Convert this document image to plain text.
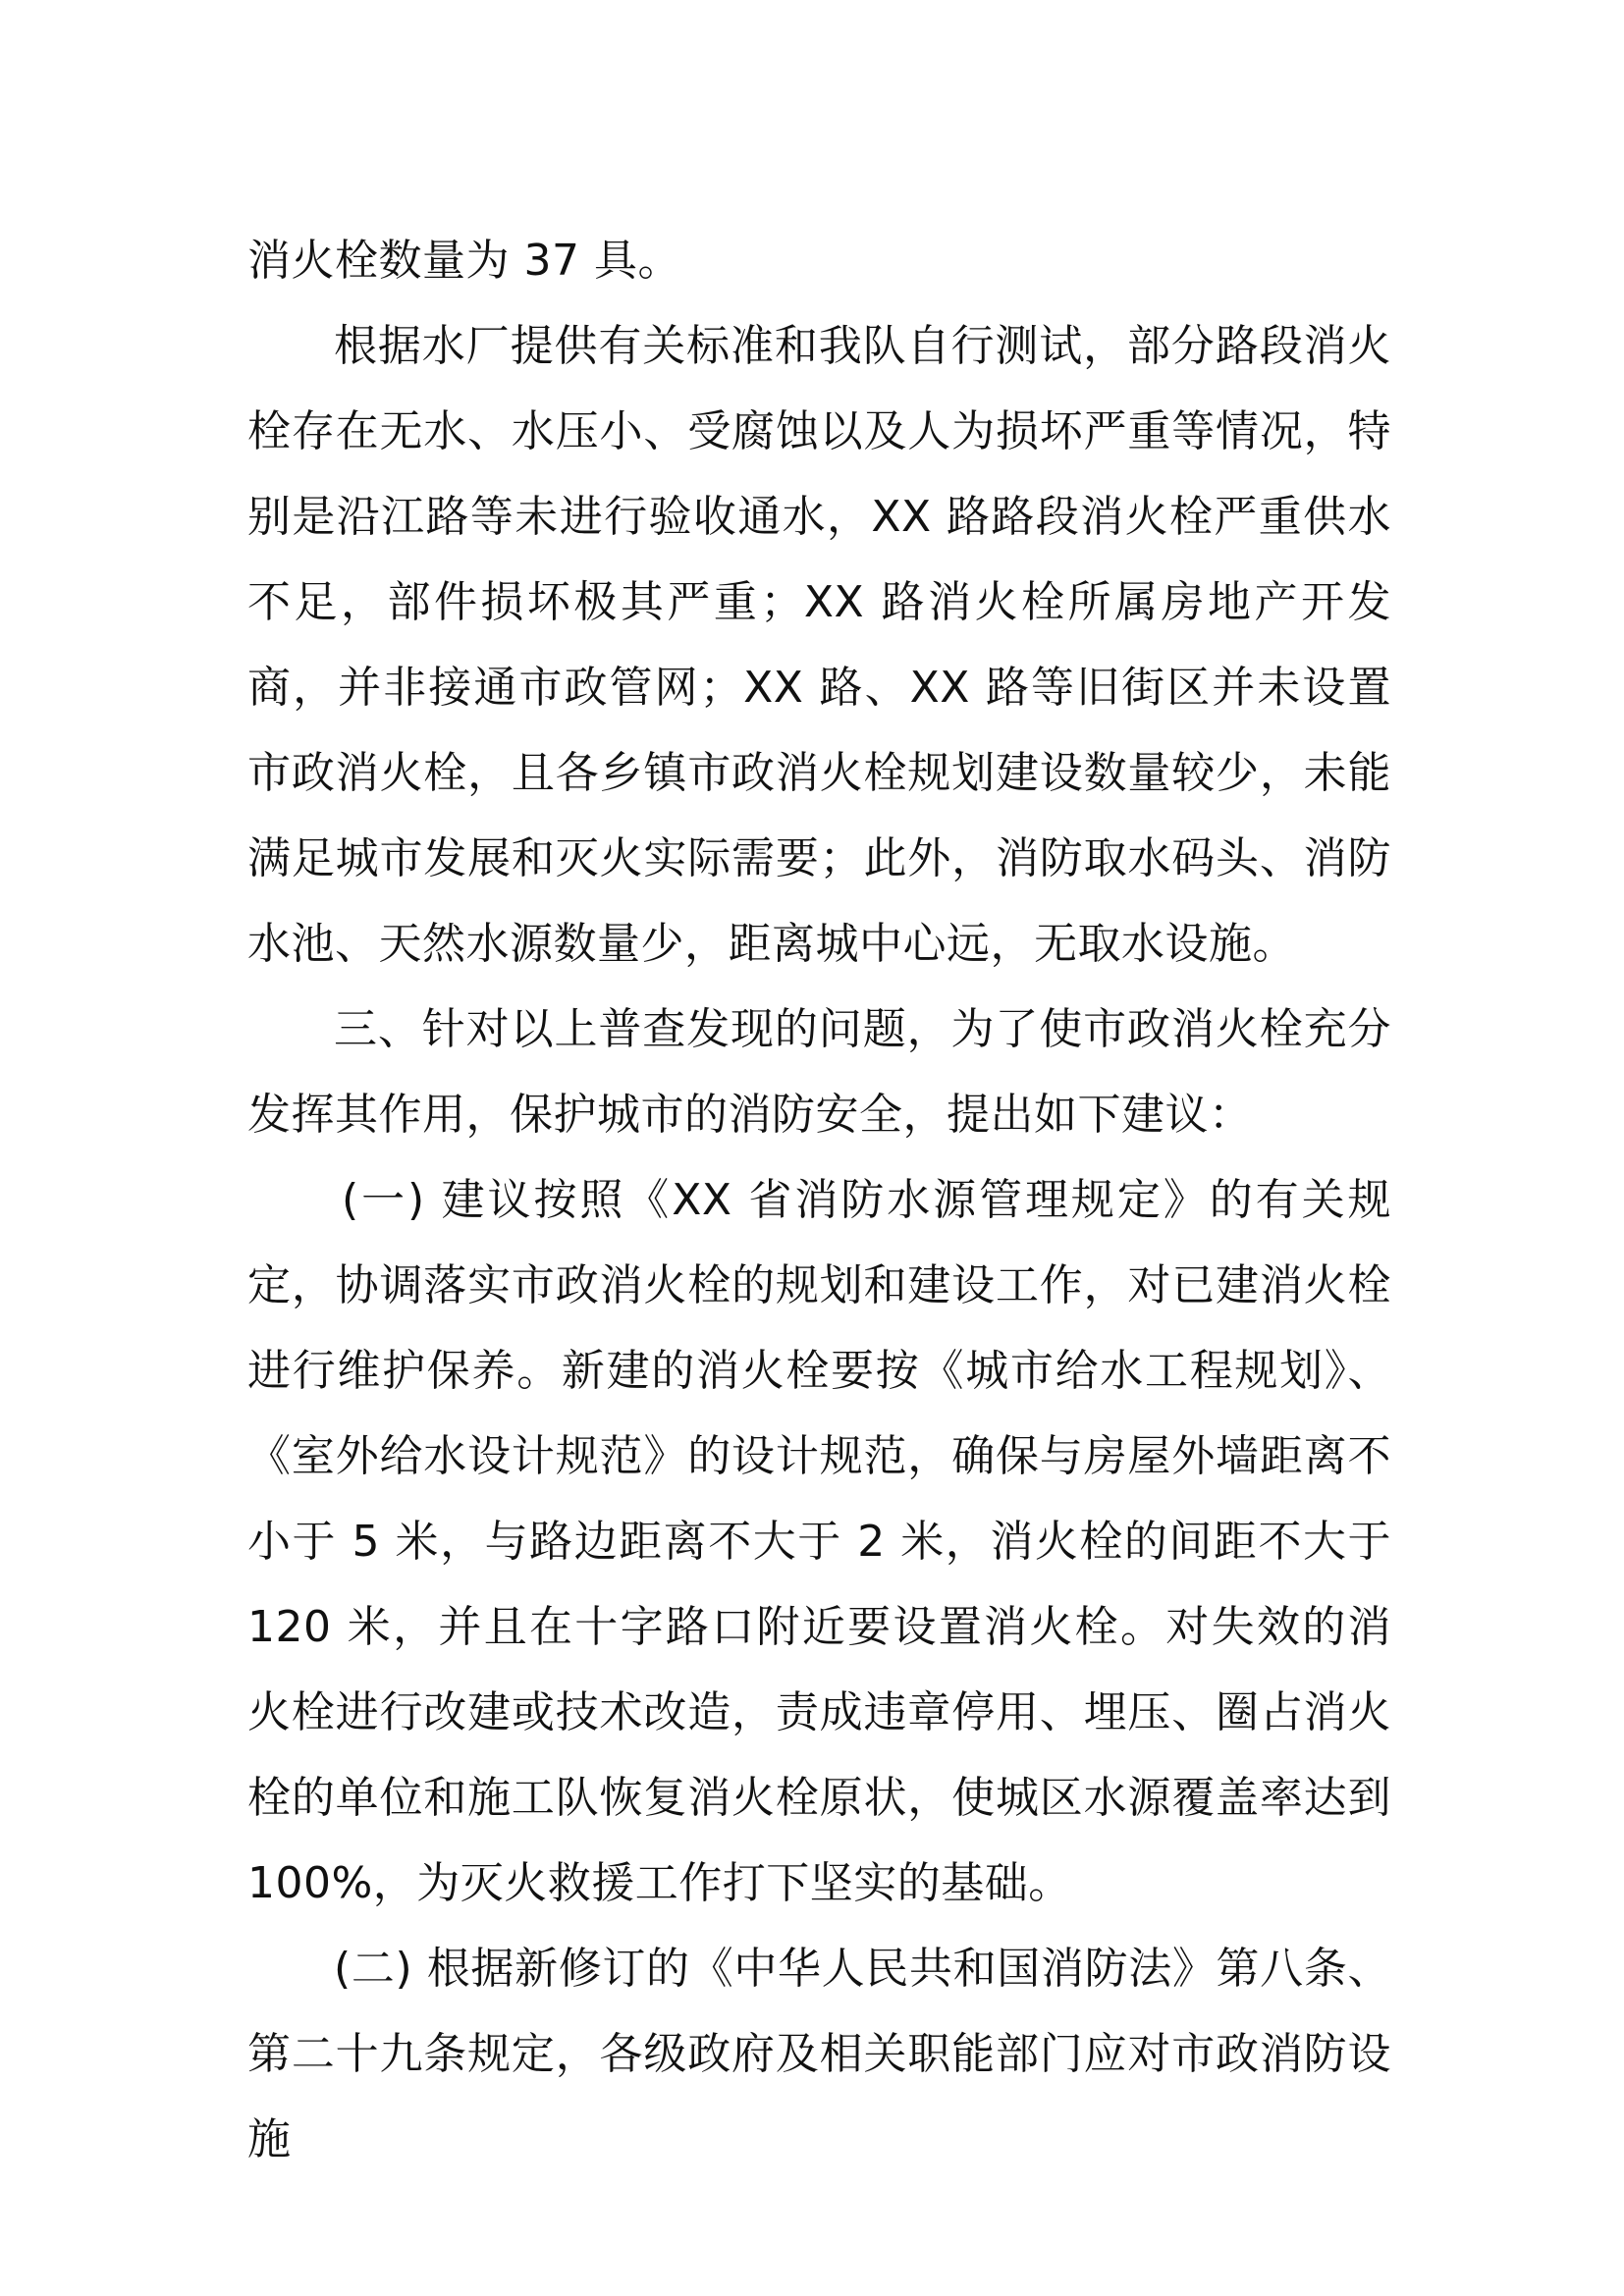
消火栓数量为 37 具。

根据水厂提供有关标准和我队自行测试，部分路段消火栓存在无水、水压小、受腐蚀以及人为损坏严重等情况，特别是沿江路等未进行验收通水，XX 路路段消火栓严重供水不足，部件损坏极其严重；XX 路消火栓所属房地产开发商，并非接通市政管网；XX 路、XX 路等旧街区并未设置市政消火栓，且各乡镇市政消火栓规划建设数量较少，未能满足城市发展和灭火实际需要；此外，消防取水码头、消防水池、天然水源数量少，距离城中心远，无取水设施。

三、针对以上普查发现的问题，为了使市政消火栓充分发挥其作用，保护城市的消防安全，提出如下建议：

(一) 建议按照《XX 省消防水源管理规定》的有关规定，协调落实市政消火栓的规划和建设工作，对已建消火栓进行维护保养。新建的消火栓要按《城市给水工程规划》、《室外给水设计规范》的设计规范，确保与房屋外墙距离不小于 5 米，与路边距离不大于 2 米，消火栓的间距不大于 120 米，并且在十字路口附近要设置消火栓。对失效的消火栓进行改建或技术改造，责成违章停用、埋压、圈占消火栓的单位和施工队恢复消火栓原状，使城区水源覆盖率达到 100%，为灭火救援工作打下坚实的基础。

(二) 根据新修订的《中华人民共和国消防法》第八条、第二十九条规定，各级政府及相关职能部门应对市政消防设施
